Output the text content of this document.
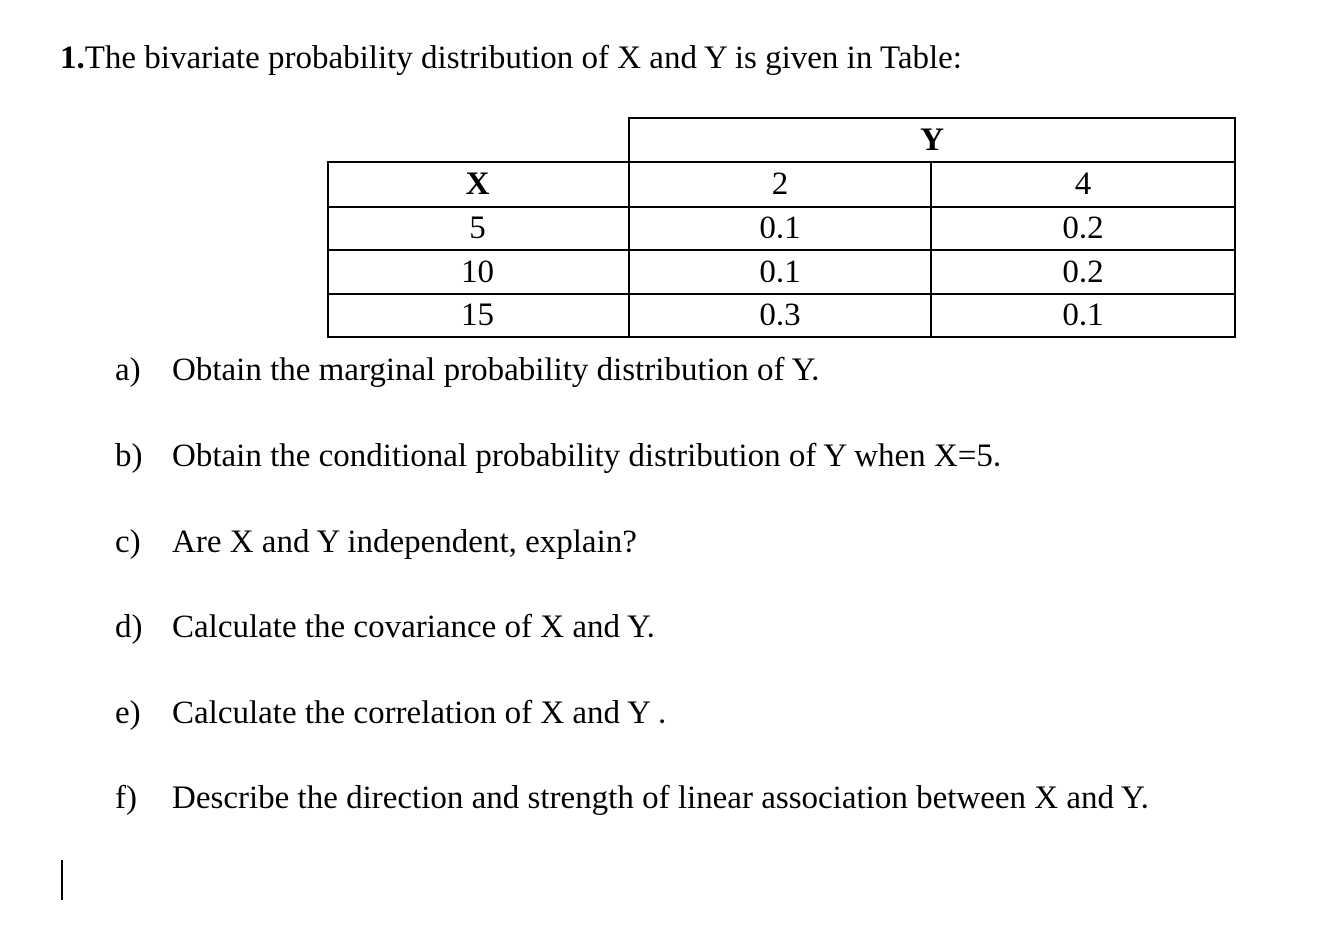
1.The bivariate probability distribution of X and Y is given in Table:
Y
X	2	4
5	0.1	0.2
10	0.1	0.2
15	0.3	0.1
a) Obtain the marginal probability distribution of Y.
b) Obtain the conditional probability distribution of Y when X=5.
c) Are X and Y independent, explain?
d) Calculate the covariance of X and Y.
e) Calculate the correlation of X and Y .
f) Describe the direction and strength of linear association between X and Y.
